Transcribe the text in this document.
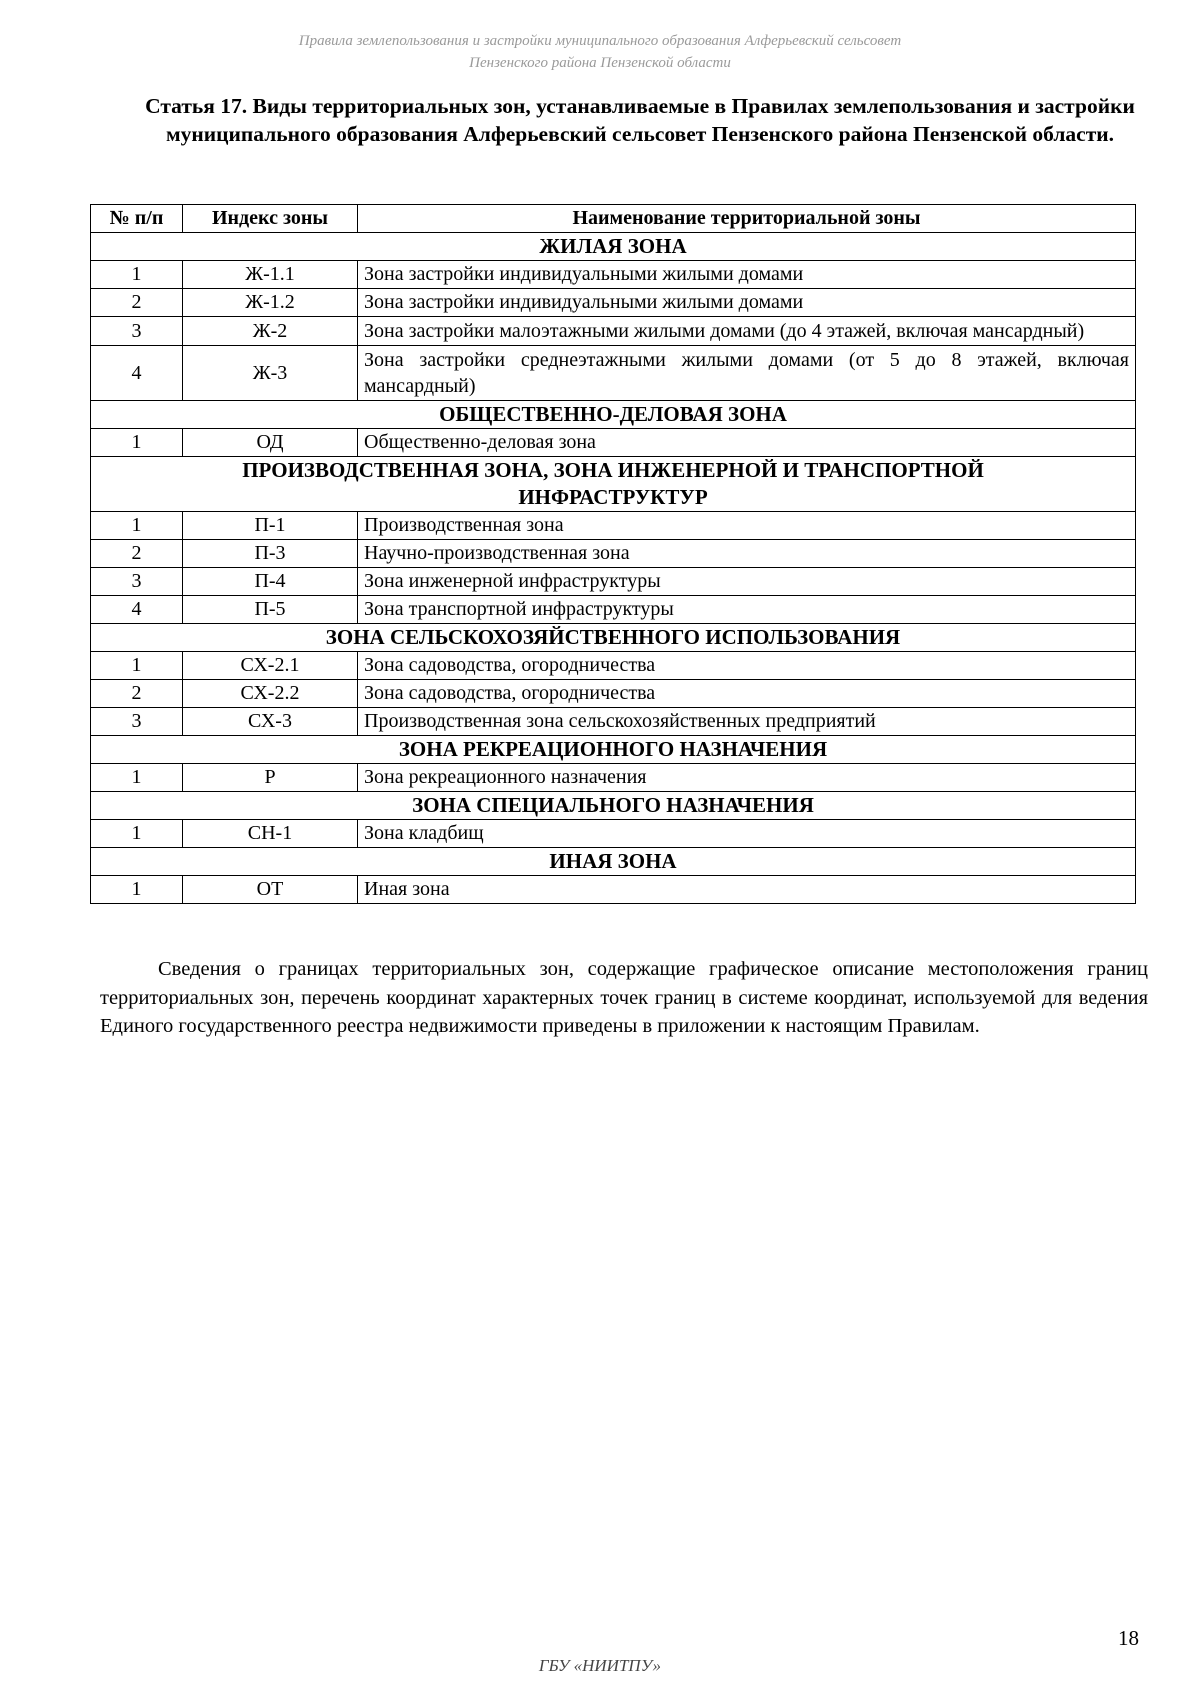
Правила землепользования и застройки муниципального образования Алферьевский сельсовет
Пензенского района Пензенской области
Статья 17. Виды территориальных зон, устанавливаемые в Правилах землепользования и застройки муниципального образования Алферьевский сельсовет Пензенского района Пензенской области.
№ п/п	Индекс зоны	Наименование территориальной зоны
ЖИЛАЯ ЗОНА		
1	Ж-1.1	Зона застройки индивидуальными жилыми домами
2	Ж-1.2	Зона застройки индивидуальными жилыми домами
3	Ж-2	Зона застройки малоэтажными жилыми домами (до 4 этажей, включая мансардный)
4	Ж-3	Зона застройки среднеэтажными жилыми домами (от 5 до 8 этажей, включая мансардный)
ОБЩЕСТВЕННО-ДЕЛОВАЯ ЗОНА		
1	ОД	Общественно-деловая зона
ПРОИЗВОДСТВЕННАЯ ЗОНА, ЗОНА ИНЖЕНЕРНОЙ И ТРАНСПОРТНОЙ ИНФРАСТРУКТУР		
1	П-1	Производственная зона
2	П-3	Научно-производственная зона
3	П-4	Зона инженерной инфраструктуры
4	П-5	Зона транспортной инфраструктуры
ЗОНА СЕЛЬСКОХОЗЯЙСТВЕННОГО ИСПОЛЬЗОВАНИЯ		
1	СХ-2.1	Зона садоводства, огородничества
2	СХ-2.2	Зона садоводства, огородничества
3	СХ-3	Производственная зона сельскохозяйственных предприятий
ЗОНА РЕКРЕАЦИОННОГО НАЗНАЧЕНИЯ		
1	Р	Зона рекреационного назначения
ЗОНА СПЕЦИАЛЬНОГО НАЗНАЧЕНИЯ		
1	СН-1	Зона кладбищ
ИНАЯ ЗОНА		
1	ОТ	Иная зона
Сведения о границах территориальных зон, содержащие графическое описание местоположения границ территориальных зон, перечень координат характерных точек границ в системе координат, используемой для ведения Единого государственного реестра недвижимости приведены в приложении к настоящим Правилам.
18
ГБУ «НИИТПУ»
